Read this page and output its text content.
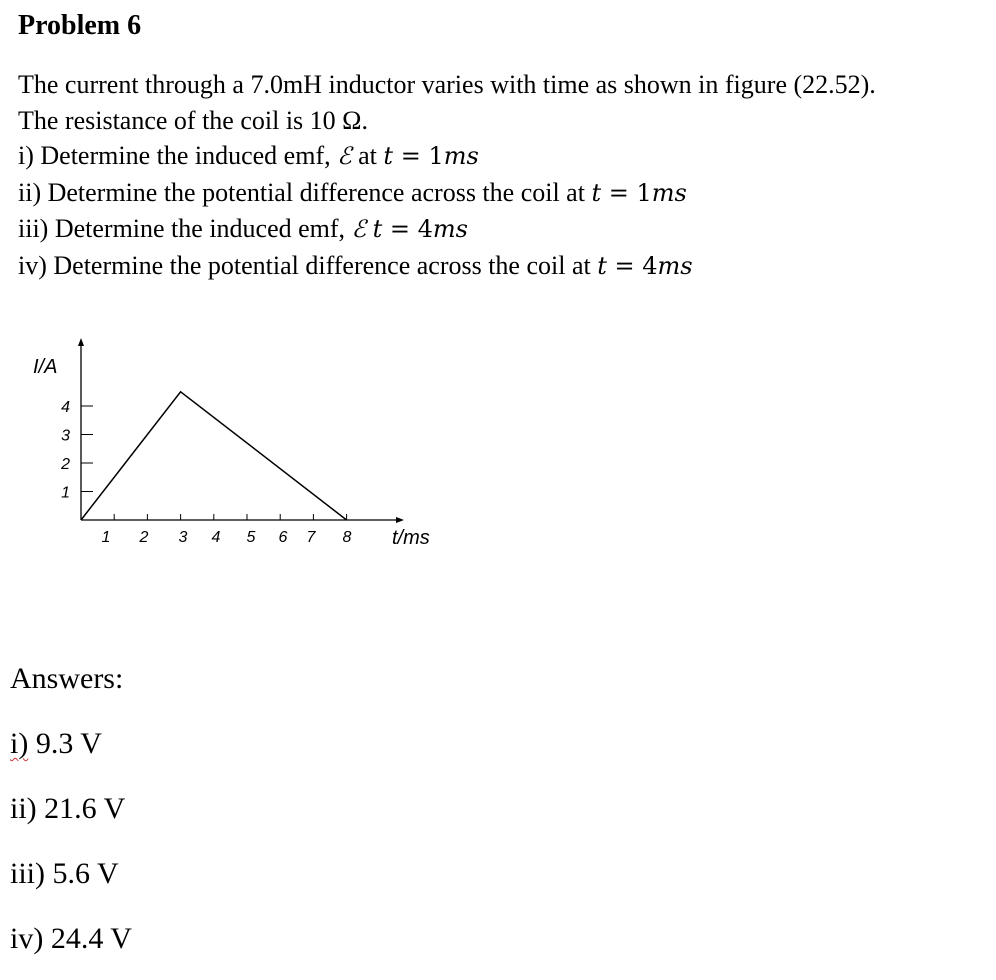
Problem 6
The current through a 7.0mH inductor varies with time as shown in figure (22.52).
The resistance of the coil is 10 Ω.
i) Determine the induced emf, ℰ at t = 1ms
ii) Determine the potential difference across the coil at t = 1ms
iii) Determine the induced emf, ℰ t = 4ms
iv) Determine the potential difference across the coil at t = 4ms
1 2 3 4 5 6 7 8
1
2
3
4
I/A
t/ms
Answers:
i) 9.3 V
ii) 21.6 V
iii) 5.6 V
iv) 24.4 V
